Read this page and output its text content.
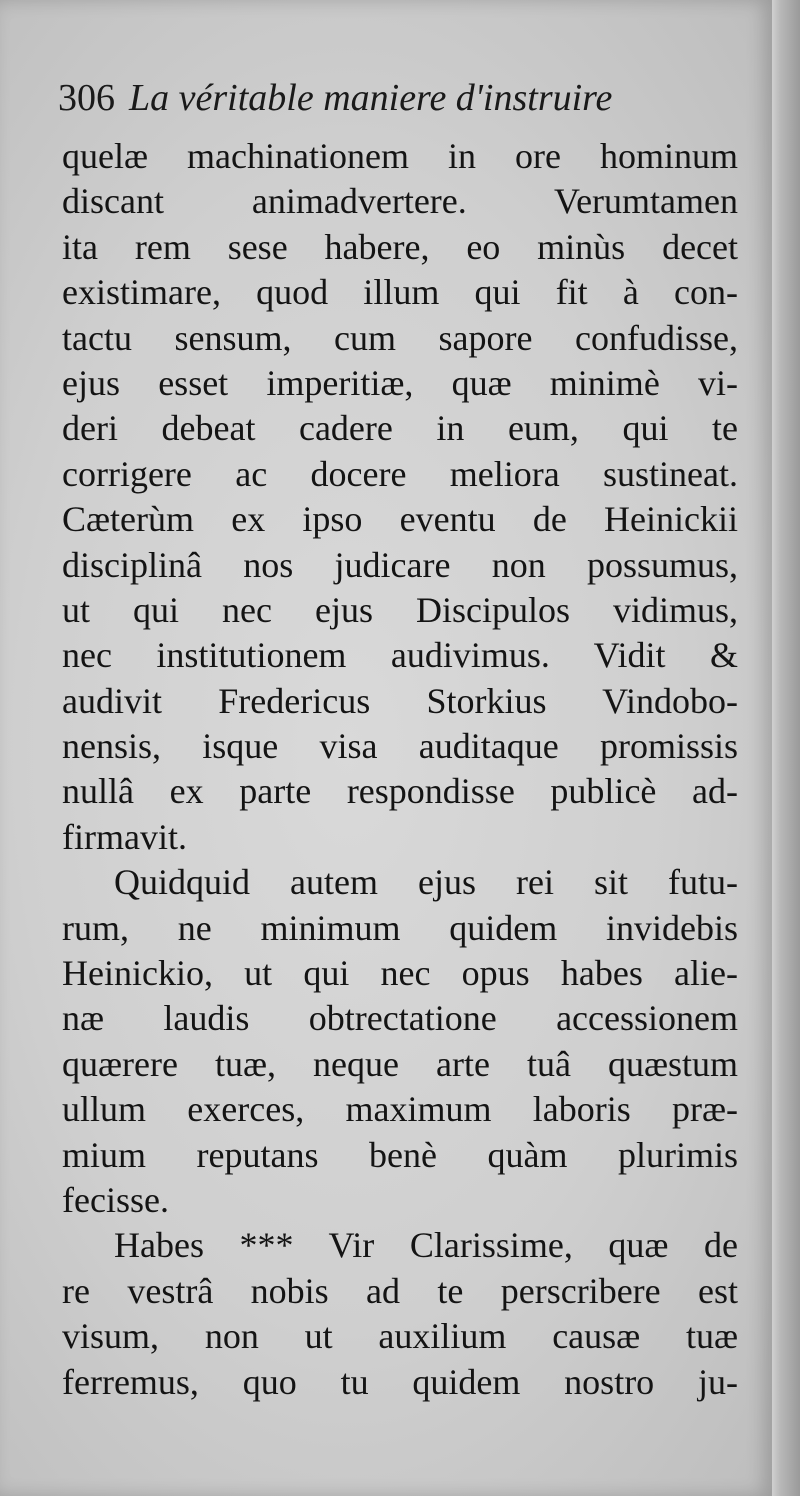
306 La véritable maniere d'instruire
quelæ machinationem in ore hominum
discant animadvertere. Verumtamen
ita rem sese habere, eo minùs decet
existimare, quod illum qui fit à con-
tactu sensum, cum sapore confudisse,
ejus esset imperitiæ, quæ minimè vi-
deri debeat cadere in eum, qui te
corrigere ac docere meliora sustineat.
Cæterùm ex ipso eventu de Heinickii
disciplinâ nos judicare non possumus,
ut qui nec ejus Discipulos vidimus,
nec institutionem audivimus. Vidit &
audivit Fredericus Storkius Vindobo-
nensis, isque visa auditaque promissis
nullâ ex parte respondisse publicè ad-
firmavit.
Quidquid autem ejus rei sit futu-
rum, ne minimum quidem invidebis
Heinickio, ut qui nec opus habes alie-
næ laudis obtrectatione accessionem
quærere tuæ, neque arte tuâ quæstum
ullum exerces, maximum laboris præ-
mium reputans benè quàm plurimis
fecisse.
Habes *** Vir Clarissime, quæ de
re vestrâ nobis ad te perscribere est
visum, non ut auxilium causæ tuæ
ferremus, quo tu quidem nostro ju-
